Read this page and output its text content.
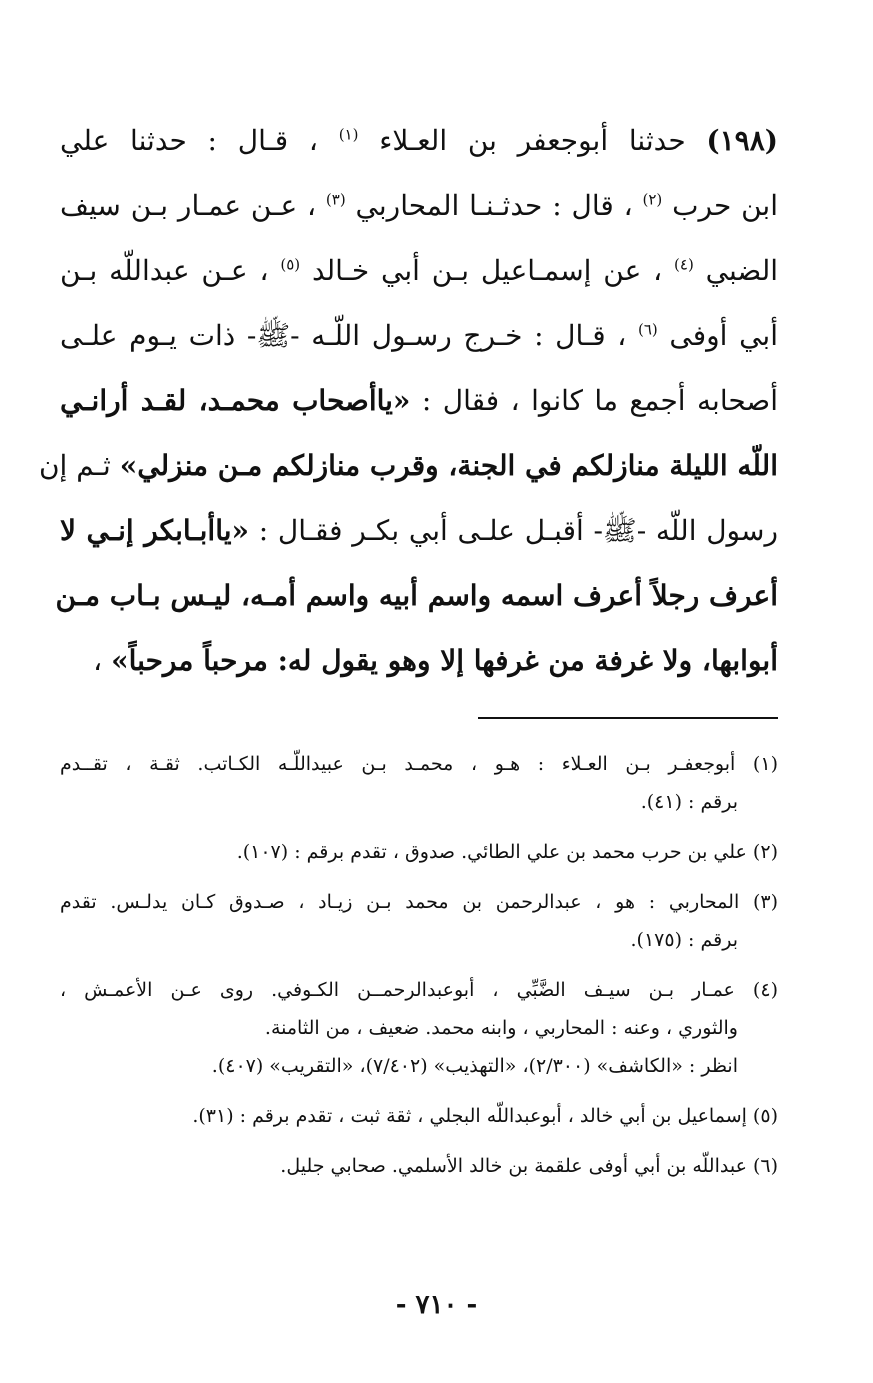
(١٩٨) حدثنا أبوجعفر بن العـلاء $^{(١)}$ ، قـال : حدثنا علي
ابن حرب $^{(٢)}$ ، قال : حدثـنـا المحاربي $^{(٣)}$ ، عـن عمـار بـن سيف
الضبي $^{(٤)}$ ، عن إسمـاعيل بـن أبي خـالد $^{(٥)}$ ، عـن عبداللّه بـن
أبي أوفى $^{(٦)}$ ، قـال : خـرج رسـول اللّـه -ﷺ- ذات يـوم علـى
أصحابه أجمع ما كانوا ، فقال : «ياأصحاب محمـد، لقـد أرانـي
اللّه الليلة منازلكم في الجنة، وقرب منازلكم مـن منزلي» ثـم إن
رسول اللّه -ﷺ- أقبـل علـى أبي بكـر فقـال : «ياأبـابكر إنـي لا
أعرف رجلاً أعرف اسمه واسم أبيه واسم أمـه، ليـس بـاب مـن
أبوابها، ولا غرفة من غرفها إلا وهو يقول له: مرحباً مرحباً» ،
(١) أبوجعفـر بـن العـلاء : هـو ، محمـد بـن عبيداللّـه الكـاتب. ثقـة ، تقــدم
برقم : (٤١).
(٢) علي بن حرب محمد بن علي الطائي. صدوق ، تقدم برقم : (١٠٧).
(٣) المحاربي : هو ، عبدالرحمن بن محمد بـن زيـاد ، صـدوق كـان يدلـس. تقدم
برقم : (١٧٥).
(٤) عمـار بـن سيـف الضَّبِّي ، أبوعبدالرحمــن الكـوفي. روى عـن الأعمـش ،
والثوري ، وعنه : المحاربي ، وابنه محمد. ضعيف ، من الثامنة.
انظر : «الكاشف» (٢/٣٠٠)، «التهذيب» (٧/٤٠٢)، «التقريب» (٤٠٧).
(٥) إسماعيل بن أبي خالد ، أبوعبداللّه البجلي ، ثقة ثبت ، تقدم برقم : (٣١).
(٦) عبداللّه بن أبي أوفى علقمة بن خالد الأسلمي. صحابي جليل.
- ٧١٠ -
